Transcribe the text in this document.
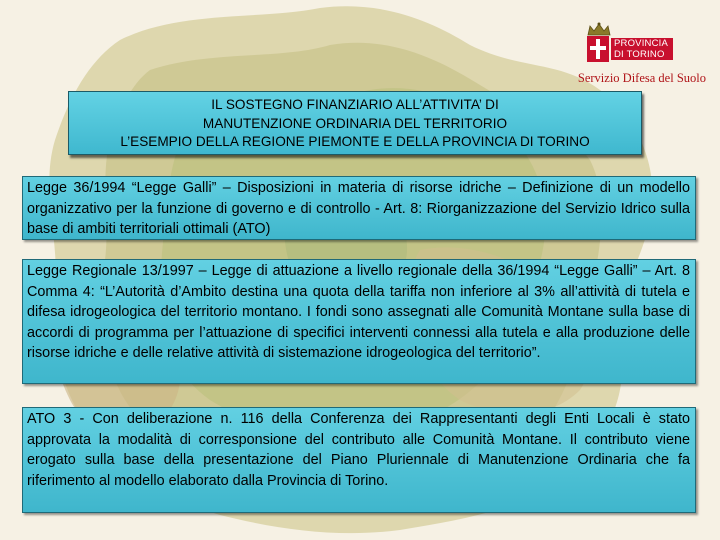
PROVINCIA
DI TORINO
Servizio Difesa del Suolo
IL SOSTEGNO FINANZIARIO ALL’ATTIVITA’ DI
MANUTENZIONE ORDINARIA DEL TERRITORIO
L’ESEMPIO DELLA REGIONE PIEMONTE E DELLA PROVINCIA DI TORINO
Legge 36/1994 “Legge Galli” – Disposizioni in materia di risorse idriche – Definizione di un modello organizzativo per la funzione di governo e di controllo - Art. 8: Riorganizzazione del Servizio Idrico sulla base di ambiti territoriali ottimali (ATO)
Legge Regionale 13/1997 – Legge di attuazione a livello regionale della 36/1994 “Legge Galli” – Art. 8 Comma 4: “L’Autorità d’Ambito destina una quota della tariffa non inferiore al 3% all’attività di tutela e difesa idrogeologica del territorio montano. I fondi sono assegnati alle Comunità Montane sulla base di accordi di programma per l’attuazione di specifici interventi connessi alla tutela e alla produzione delle risorse idriche e delle relative attività di sistemazione idrogeologica del territorio”.
ATO 3 - Con deliberazione n. 116 della Conferenza dei Rappresentanti degli Enti Locali è stato approvata la modalità di corresponsione del contributo alle Comunità Montane. Il contributo viene erogato sulla base della presentazione del Piano Pluriennale di Manutenzione Ordinaria che fa riferimento al modello elaborato dalla Provincia di Torino.
